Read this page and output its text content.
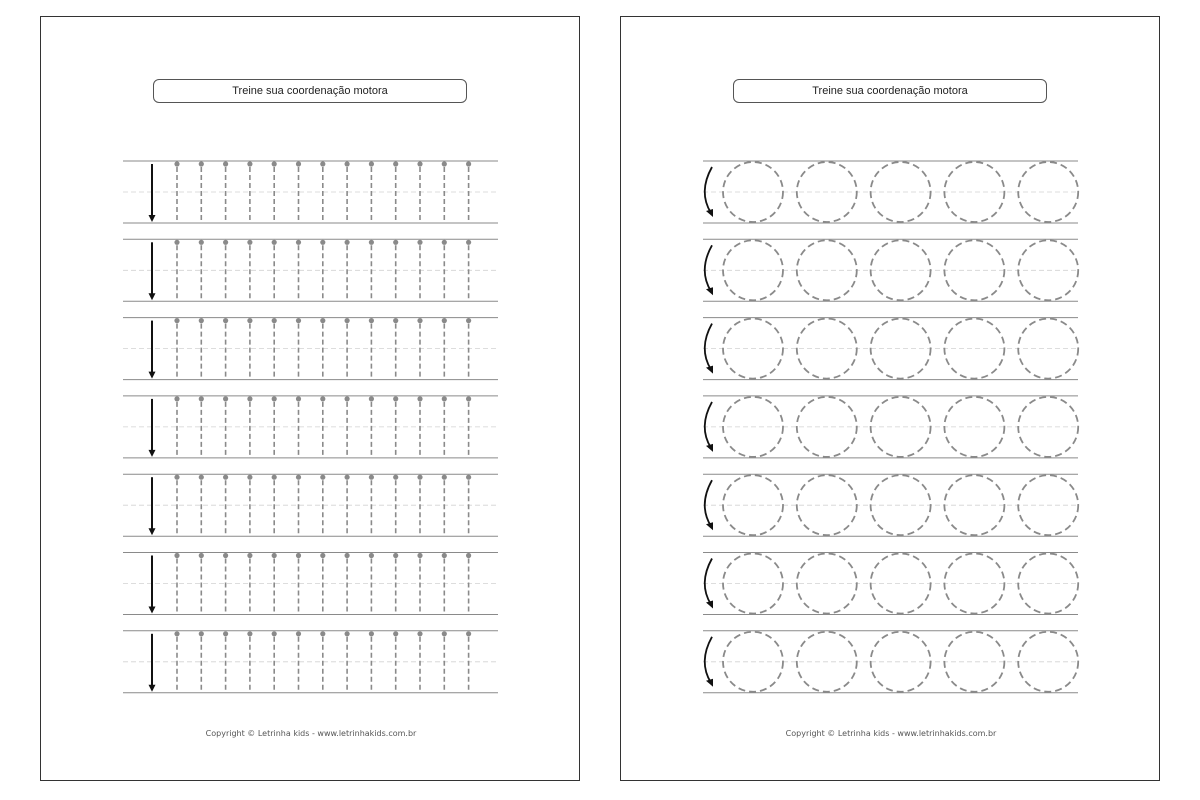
Treine sua coordenação motora
Copyright © Letrinha kids - www.letrinhakids.com.br
Treine sua coordenação motora
Copyright © Letrinha kids - www.letrinhakids.com.br
